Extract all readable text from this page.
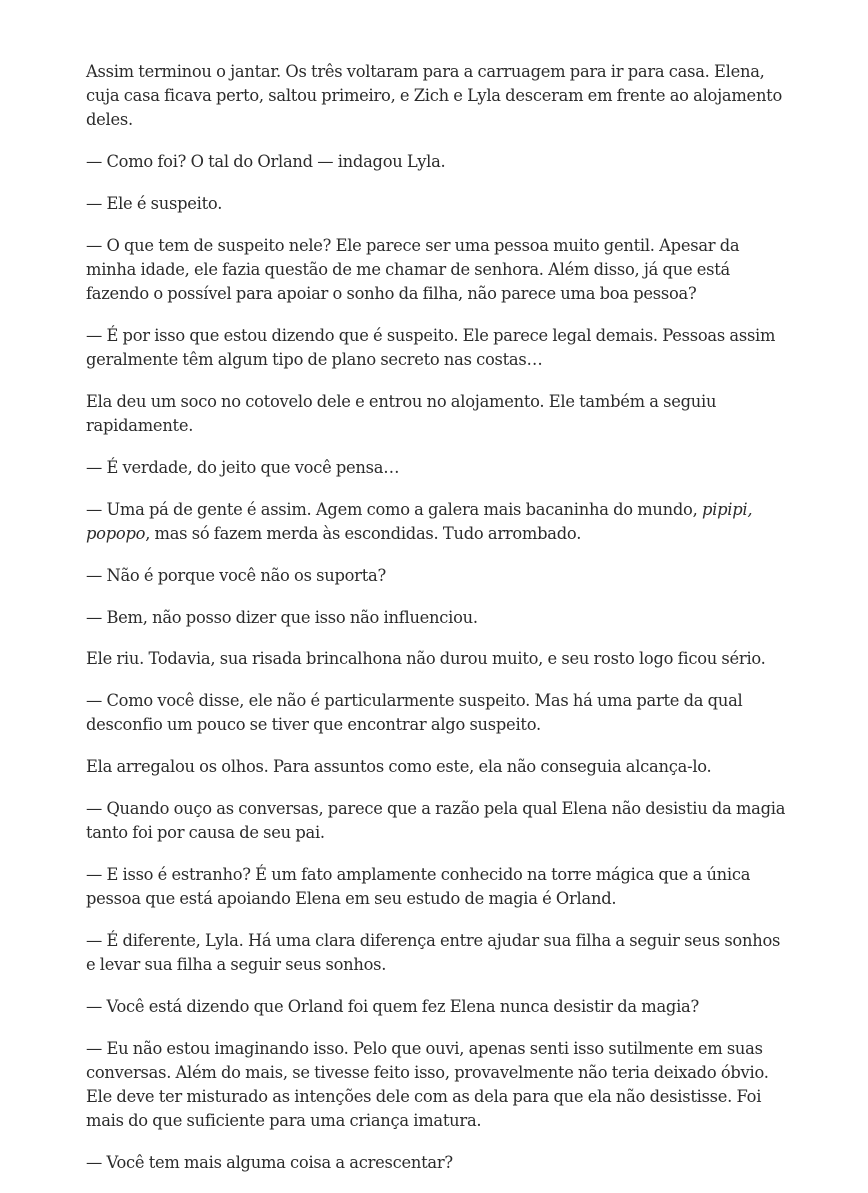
Assim terminou o jantar. Os três voltaram para a carruagem para ir para casa. Elena, cuja casa ficava perto, saltou primeiro, e Zich e Lyla desceram em frente ao alojamento deles.

— Como foi? O tal do Orland — indagou Lyla.

— Ele é suspeito.

— O que tem de suspeito nele? Ele parece ser uma pessoa muito gentil. Apesar da minha idade, ele fazia questão de me chamar de senhora. Além disso, já que está fazendo o possível para apoiar o sonho da filha, não parece uma boa pessoa?

— É por isso que estou dizendo que é suspeito. Ele parece legal demais. Pessoas assim geralmente têm algum tipo de plano secreto nas costas…

Ela deu um soco no cotovelo dele e entrou no alojamento. Ele também a seguiu rapidamente.

— É verdade, do jeito que você pensa…

— Uma pá de gente é assim. Agem como a galera mais bacaninha do mundo, pipipi, popopo, mas só fazem merda às escondidas. Tudo arrombado.

— Não é porque você não os suporta?

— Bem, não posso dizer que isso não influenciou.

Ele riu. Todavia, sua risada brincalhona não durou muito, e seu rosto logo ficou sério.

— Como você disse, ele não é particularmente suspeito. Mas há uma parte da qual desconfio um pouco se tiver que encontrar algo suspeito.

Ela arregalou os olhos. Para assuntos como este, ela não conseguia alcança-lo.

— Quando ouço as conversas, parece que a razão pela qual Elena não desistiu da magia tanto foi por causa de seu pai.

— E isso é estranho? É um fato amplamente conhecido na torre mágica que a única pessoa que está apoiando Elena em seu estudo de magia é Orland.

— É diferente, Lyla. Há uma clara diferença entre ajudar sua filha a seguir seus sonhos e levar sua filha a seguir seus sonhos.

— Você está dizendo que Orland foi quem fez Elena nunca desistir da magia?

— Eu não estou imaginando isso. Pelo que ouvi, apenas senti isso sutilmente em suas conversas. Além do mais, se tivesse feito isso, provavelmente não teria deixado óbvio. Ele deve ter misturado as intenções dele com as dela para que ela não desistisse. Foi mais do que suficiente para uma criança imatura.

— Você tem mais alguma coisa a acrescentar?
